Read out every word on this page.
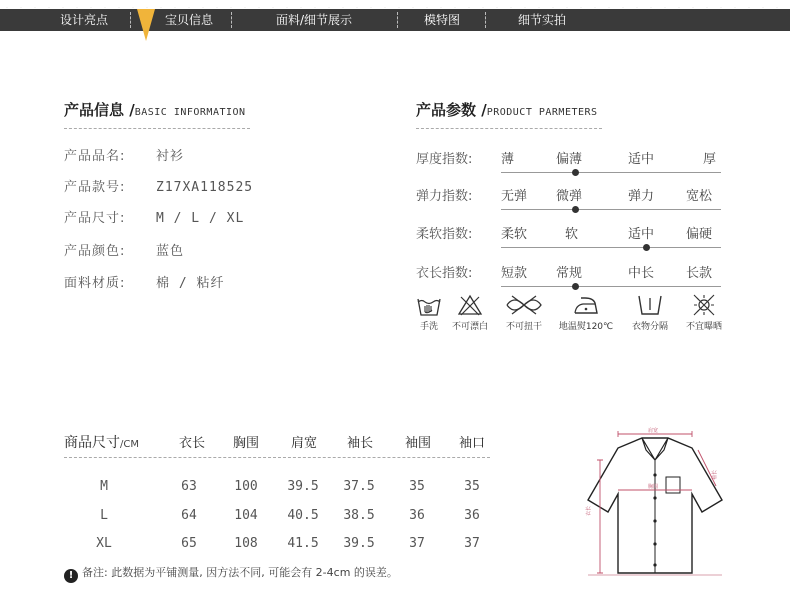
设计亮点	宝贝信息	面料/细节展示	模特图	细节实拍
产品信息 /BASIC INFORMATION
产品品名: 衬衫
产品款号: Z17XA118525
产品尺寸: M / L / XL
产品颜色: 蓝色
面料材质: 棉 / 粘纤
产品参数 /PRODUCT PARMETERS
厚度指数: 薄	偏薄	适中	厚
弹力指数: 无弹 微弹	弹力 宽松
柔软指数: 柔软	软	适中 偏硬
衣长指数: 短款 常规	中长 长款
手洗	不可漂白	不可扭干	地温熨120℃	衣物分隔	不宜曝晒
商品尺寸/CM	衣长	胸围	肩宽	袖长	袖围	袖口
M	63	100	39.5	37.5	35	35
L	64	104	40.5	38.5	36	36
XL	65	108	41.5	39.5	37	37
! 备注: 此数据为平铺测量, 因方法不同, 可能会有 2-4cm 的误差。
肩宽
胸围
衣长
袖长
